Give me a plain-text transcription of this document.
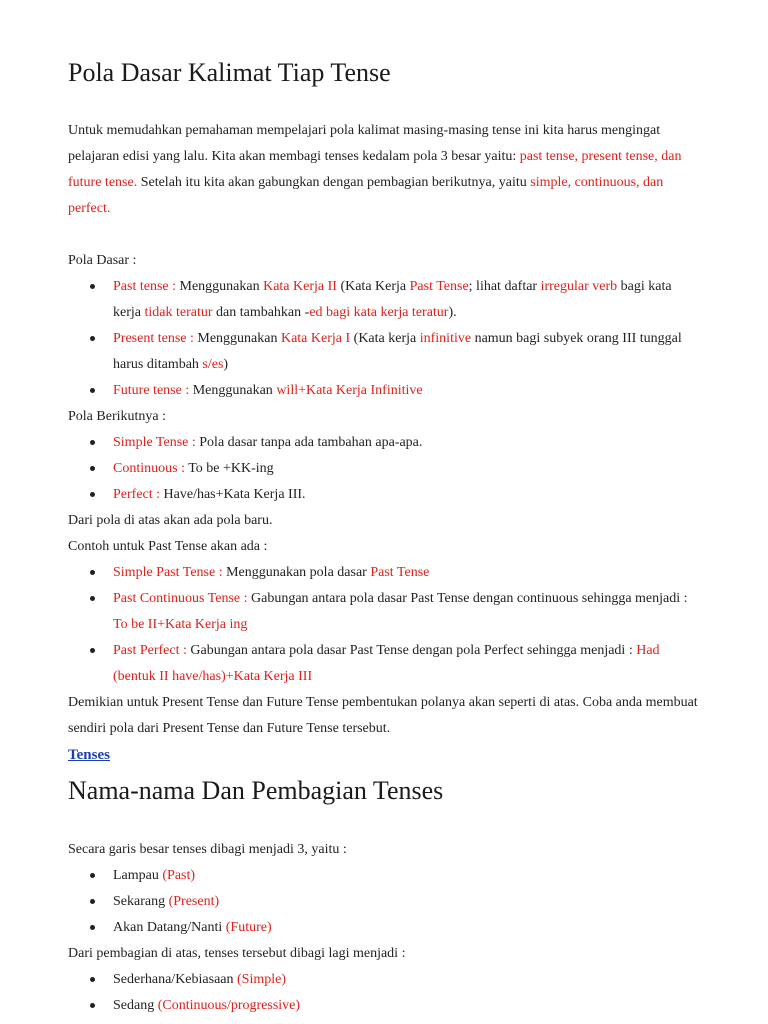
Pola Dasar Kalimat Tiap Tense

Untuk memudahkan pemahaman mempelajari pola kalimat masing-masing tense ini kita harus mengingat pelajaran edisi yang lalu. Kita akan membagi tenses kedalam pola 3 besar yaitu: past tense, present tense, dan future tense. Setelah itu kita akan gabungkan dengan pembagian berikutnya, yaitu simple, continuous, dan perfect.

Pola Dasar :

Past tense : Menggunakan Kata Kerja II (Kata Kerja Past Tense; lihat daftar irregular verb bagi kata kerja tidak teratur dan tambahkan -ed bagi kata kerja teratur).
Present tense : Menggunakan Kata Kerja I (Kata kerja infinitive namun bagi subyek orang III tunggal harus ditambah s/es)
Future tense : Menggunakan will+Kata Kerja Infinitive

Pola Berikutnya :

Simple Tense : Pola dasar tanpa ada tambahan apa-apa.
Continuous : To be +KK-ing
Perfect : Have/has+Kata Kerja III.

Dari pola di atas akan ada pola baru.

Contoh untuk Past Tense akan ada :

Simple Past Tense : Menggunakan pola dasar Past Tense
Past Continuous Tense : Gabungan antara pola dasar Past Tense dengan continuous sehingga menjadi : To be II+Kata Kerja ing
Past Perfect : Gabungan antara pola dasar Past Tense dengan pola Perfect sehingga menjadi : Had (bentuk II have/has)+Kata Kerja III

Demikian untuk Present Tense dan Future Tense pembentukan polanya akan seperti di atas. Coba anda membuat sendiri pola dari Present Tense dan Future Tense tersebut.

Tenses
Nama-nama Dan Pembagian Tenses

Secara garis besar tenses dibagi menjadi 3, yaitu :

Lampau (Past)
Sekarang (Present)
Akan Datang/Nanti (Future)

Dari pembagian di atas, tenses tersebut dibagi lagi menjadi :

Sederhana/Kebiasaan (Simple)
Sedang (Continuous/progressive)
